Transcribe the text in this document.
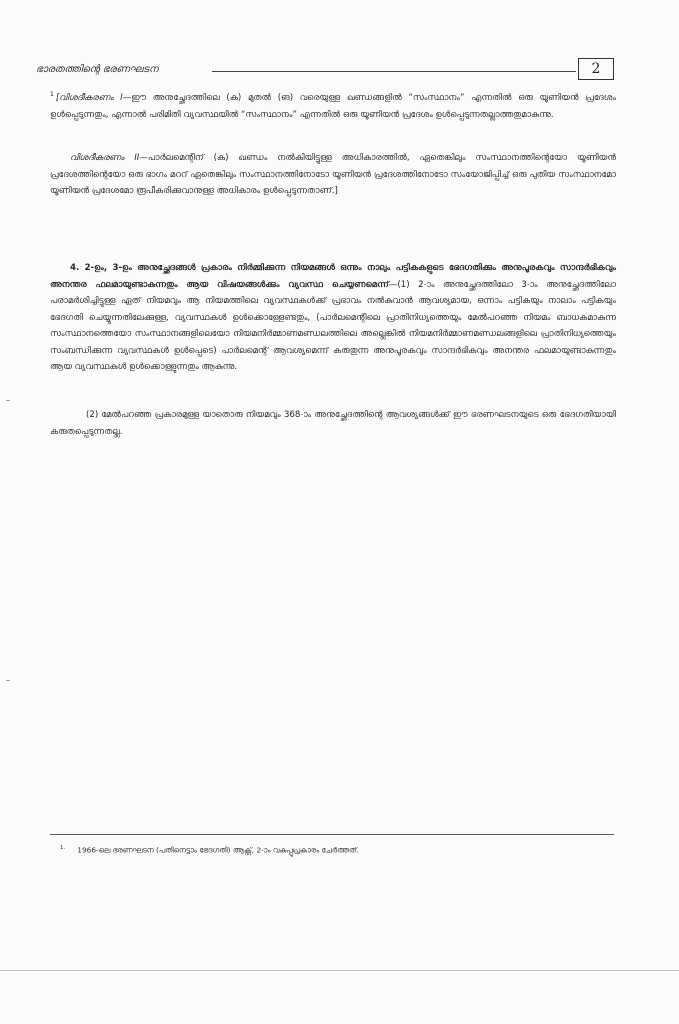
ഭാരതത്തിന്റെ ഭരണഘടന	2

$^1$ [വിശദീകരണം I—ഈ അനുച്ഛേദത്തിലെ (ക) മുതൽ (ങ) വരെയുള്ള ഖണ്ഡങ്ങളിൽ “സംസ്ഥാനം” എന്നതിൽ ഒരു യൂണിയൻ പ്രദേശം ഉൾപ്പെടുന്നതും, എന്നാൽ പരിമിതി വ്യവസ്ഥയിൽ “സംസ്ഥാനം” എന്നതിൽ ഒരു യൂണിയൻ പ്രദേശം ഉൾപ്പെടുന്നതല്ലാത്തതുമാകുന്നു.

വിശദീകരണം II—പാർലമെന്റിന് (ക) ഖണ്ഡം നൽകിയിട്ടുള്ള അധികാരത്തിൽ, ഏതെങ്കിലും സംസ്ഥാനത്തിന്റെയോ യൂണിയൻ പ്രദേശത്തിന്റെയോ ഒരു ഭാഗം മററ് ഏതെങ്കിലും സംസ്ഥാനത്തിനോടോ യൂണിയൻ പ്രദേശത്തിനോടോ സംയോജിപ്പിച്ച് ഒരു പുതിയ സംസ്ഥാനമോ യൂണിയൻ പ്രദേശമോ രൂപീകരിക്കുവാനുള്ള അധികാരം ഉൾപ്പെടുന്നതാണ്.]

4. 2-ഉം, 3-ഉം അനുച്ഛേദങ്ങൾ പ്രകാരം നിർമ്മിക്കുന്ന നിയമങ്ങൾ ഒന്നും നാലും പട്ടികകളുടെ ഭേദഗതിക്കും അനുപൂരകവും സാന്ദർഭികവും അനന്തര ഫലമായുണ്ടാകുന്നതും ആയ വിഷയങ്ങൾക്കും വ്യവസ്ഥ ചെയ്യണമെന്ന്—(1) 2-ാം അനുച്ഛേദത്തിലോ 3-ാം അനുച്ഛേദത്തിലോ പരാമർശിച്ചിട്ടുള്ള ഏത് നിയമവും ആ നിയമത്തിലെ വ്യവസ്ഥകൾക്ക് പ്രഭാവം നൽകുവാൻ ആവശ്യമായ, ഒന്നാം പട്ടികയും നാലാം പട്ടികയും ഭേദഗതി ചെയ്യുന്നതിലേക്കുള്ള, വ്യവസ്ഥകൾ ഉൾക്കൊള്ളേണ്ടതും, (പാർലമെന്റിലെ പ്രാതിനിധ്യത്തെയും മേൽപറഞ്ഞ നിയമം ബാധകമാകുന്ന സംസ്ഥാനത്തെയോ സംസ്ഥാനങ്ങളിലെയോ നിയമനിർമ്മാണമണ്ഡലത്തിലെ അല്ലെങ്കിൽ നിയമനിർമ്മാണമണ്ഡലങ്ങളിലെ പ്രാതിനിധ്യത്തെയും സംബന്ധിക്കുന്ന വ്യവസ്ഥകൾ ഉൾപ്പെടെ) പാർലമെന്റ് ആവശ്യമെന്ന് കരുതുന്ന അനുപൂരകവും സാന്ദർഭികവും അനന്തര ഫലമായുണ്ടാകുന്നതും ആയ വ്യവസ്ഥകൾ ഉൾക്കൊള്ളുന്നതും ആകുന്നു.

(2) മേൽപറഞ്ഞ പ്രകാരമുള്ള യാതൊരു നിയമവും 368-ാം അനുച്ഛേദത്തിന്റെ ആവശ്യങ്ങൾക്ക് ഈ ഭരണഘടനയുടെ ഒരു ഭേദഗതിയായി കരുതപ്പെടുന്നതല്ല.

$^{1.}$ 1966-ലെ ഭരണഘടന (പതിനെട്ടാം ഭേദഗതി) ആക്റ്റ്, 2-ാം വകുപ്പുപ്രകാരം ചേർത്തത്.
